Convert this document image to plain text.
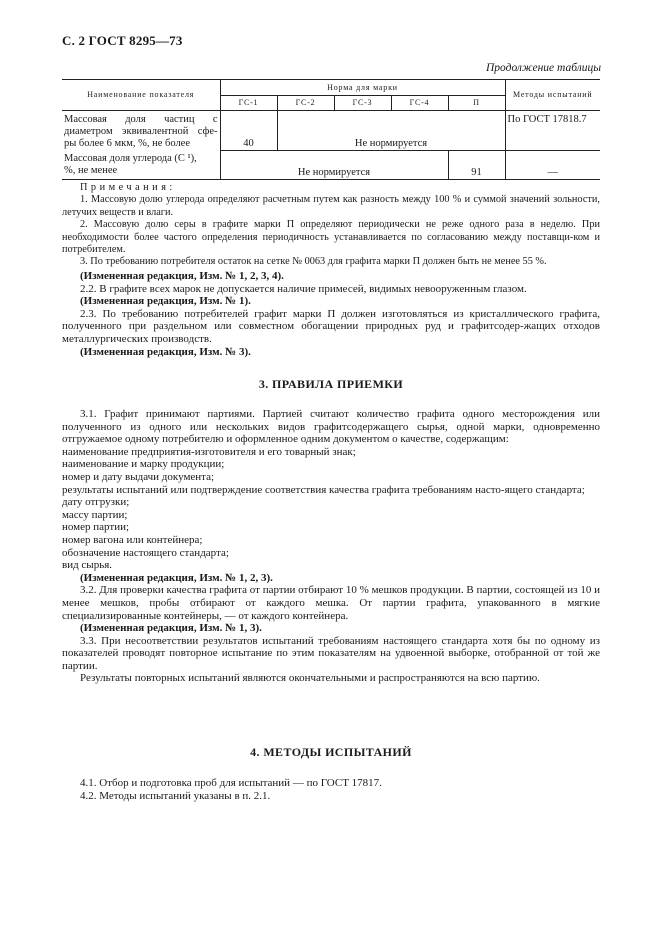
С. 2 ГОСТ 8295—73
Продолжение таблицы
Наименование показателя	Норма для марки					Методы испытаний
	ГС-1	ГС-2	ГС-3	ГС-4	П	

Массовая доля частиц с
диаметром эквивалентной сфе-
ры более 6 мкм, %, не более	40	Не нормируется				По ГОСТ 17818.7

Массовая доля углерода (С ¹),
%, не менее	Не нормируется				91	—

Примечания:

1. Массовую долю углерода определяют расчетным путем как разность между 100 % и суммой значений зольности, летучих веществ и влаги.

2. Массовую долю серы в графите марки П определяют периодически не реже одного раза в неделю. При необходимости более частого определения периодичность устанавливается по согласованию между поставщи-ком и потребителем.

3. По требованию потребителя остаток на сетке № 0063 для графита марки П должен быть не менее 55 %.

(Измененная редакция, Изм. № 1, 2, 3, 4).

2.2. В графите всех марок не допускается наличие примесей, видимых невооруженным глазом.

(Измененная редакция, Изм. № 1).

2.3. По требованию потребителей графит марки П должен изготовляться из кристаллического графита, полученного при раздельном или совместном обогащении природных руд и графитсодер-жащих отходов металлургических производств.

(Измененная редакция, Изм. № 3).

3. ПРАВИЛА ПРИЕМКИ

3.1. Графит принимают партиями. Партией считают количество графита одного месторождения или полученного из одного или нескольких видов графитсодержащего сырья, одной марки, одновременно отгружаемое одному потребителю и оформленное одним документом о качестве, содержащим:

наименование предприятия-изготовителя и его товарный знак;

наименование и марку продукции;

номер и дату выдачи документа;

результаты испытаний или подтверждение соответствия качества графита требованиям насто-ящего стандарта;

дату отгрузки;

массу партии;

номер партии;

номер вагона или контейнера;

обозначение настоящего стандарта;

вид сырья.

(Измененная редакция, Изм. № 1, 2, 3).

3.2. Для проверки качества графита от партии отбирают 10 % мешков продукции. В партии, состоящей из 10 и менее мешков, пробы отбирают от каждого мешка. От партии графита, упакованного в мягкие специализированные контейнеры, — от каждого контейнера.

(Измененная редакция, Изм. № 1, 3).

3.3. При несоответствии результатов испытаний требованиям настоящего стандарта хотя бы по одному из показателей проводят повторное испытание по этим показателям на удвоенной выборке, отобранной от той же партии.

Результаты повторных испытаний являются окончательными и распространяются на всю партию.

4. МЕТОДЫ ИСПЫТАНИЙ

4.1. Отбор и подготовка проб для испытаний — по ГОСТ 17817.

4.2. Методы испытаний указаны в п. 2.1.
